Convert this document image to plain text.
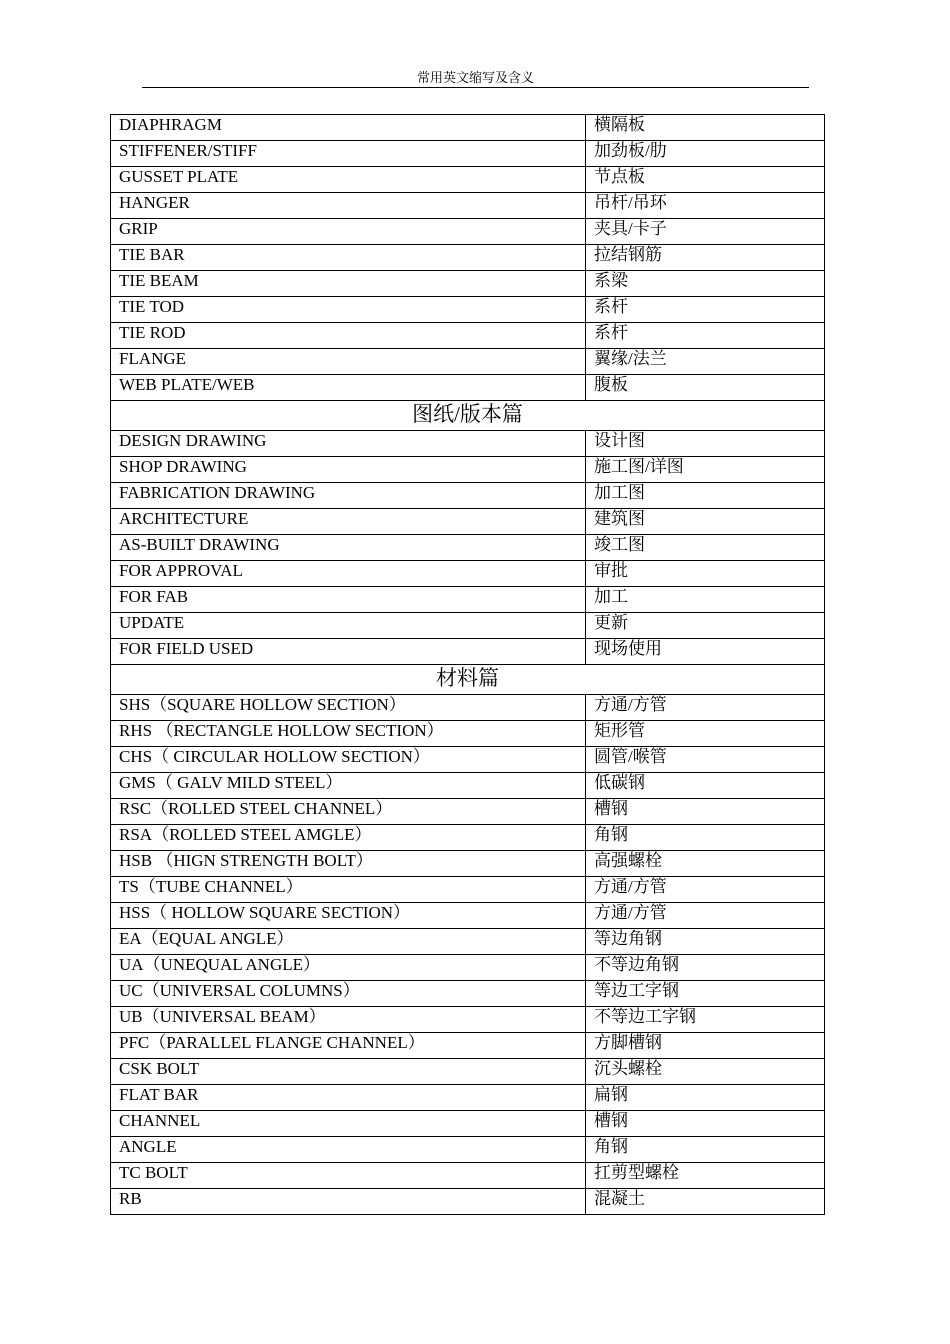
常用英文缩写及含义
DIAPHRAGM	横隔板
STIFFENER/STIFF	加劲板/肋
GUSSET PLATE	节点板
HANGER	吊杆/吊环
GRIP	夹具/卡子
TIE BAR	拉结钢筋
TIE BEAM	系梁
TIE TOD	系杆
TIE ROD	系杆
FLANGE	翼缘/法兰
WEB PLATE/WEB	腹板
图纸/版本篇	
DESIGN DRAWING	设计图
SHOP DRAWING	施工图/详图
FABRICATION DRAWING	加工图
ARCHITECTURE	建筑图
AS-BUILT DRAWING	竣工图
FOR APPROVAL	审批
FOR FAB	加工
UPDATE	更新
FOR FIELD USED	现场使用
材料篇	
SHS（SQUARE HOLLOW SECTION）	方通/方管
RHS （RECTANGLE HOLLOW SECTION）	矩形管
CHS（ CIRCULAR HOLLOW SECTION）	圆管/喉管
GMS（ GALV MILD STEEL）	低碳钢
RSC（ROLLED STEEL CHANNEL）	槽钢
RSA（ROLLED STEEL AMGLE）	角钢
HSB （HIGN STRENGTH BOLT）	高强螺栓
TS（TUBE CHANNEL）	方通/方管
HSS（ HOLLOW SQUARE SECTION）	方通/方管
EA（EQUAL ANGLE）	等边角钢
UA（UNEQUAL ANGLE）	不等边角钢
UC（UNIVERSAL COLUMNS）	等边工字钢
UB（UNIVERSAL BEAM）	不等边工字钢
PFC（PARALLEL FLANGE CHANNEL）	方脚槽钢
CSK BOLT	沉头螺栓
FLAT BAR	扁钢
CHANNEL	槽钢
ANGLE	角钢
TC BOLT	扛剪型螺栓
RB	混凝土
